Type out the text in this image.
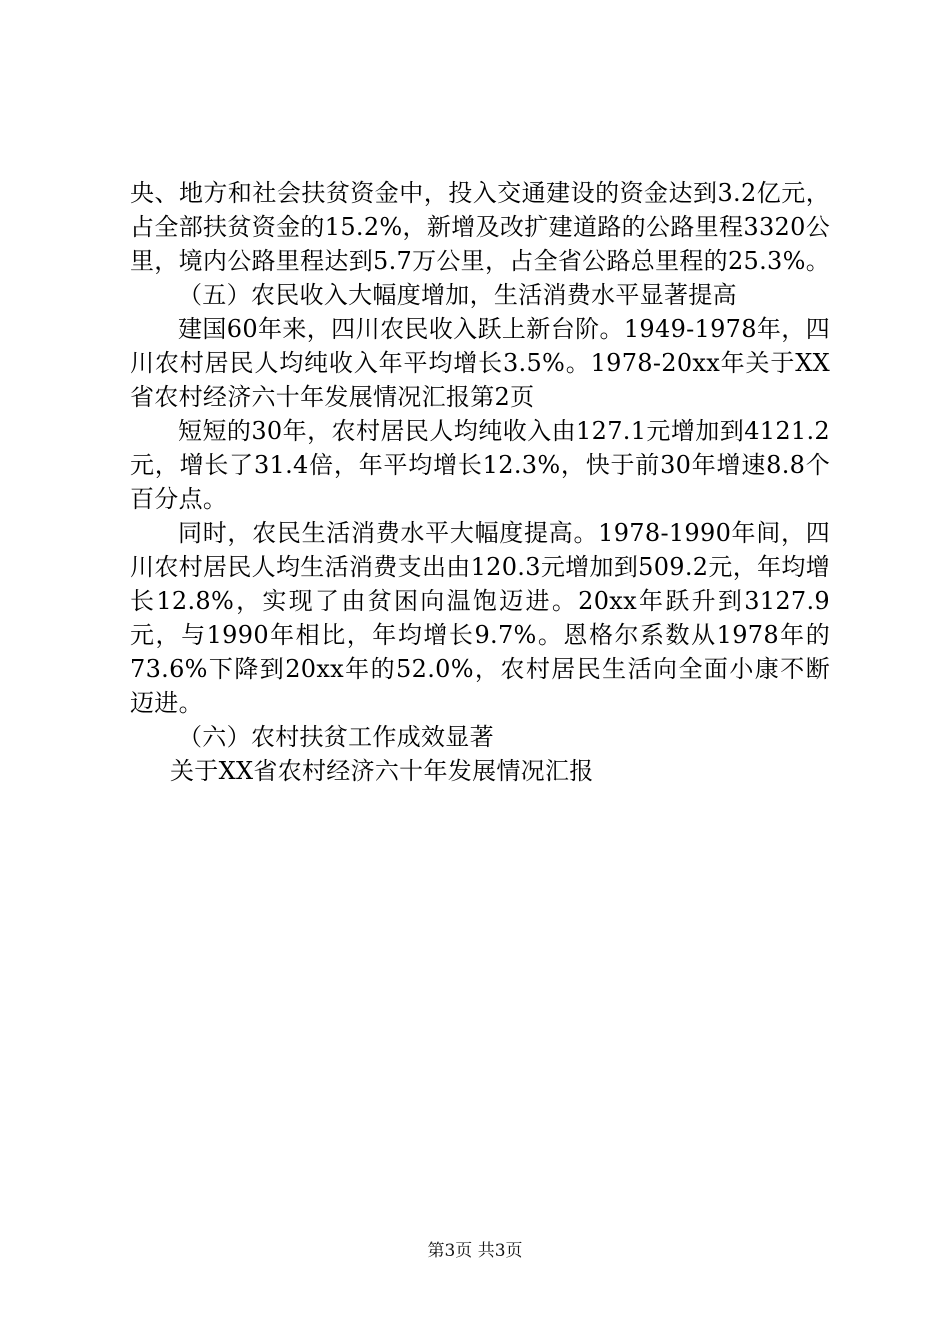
央、地方和社会扶贫资金中，投入交通建设的资金达到3.2亿元，占全部扶贫资金的15.2%，新增及改扩建道路的公路里程3320公里，境内公路里程达到5.7万公里，占全省公路总里程的25.3%。

（五）农民收入大幅度增加，生活消费水平显著提高

建国60年来，四川农民收入跃上新台阶。1949-1978年，四川农村居民人均纯收入年平均增长3.5%。1978-20xx年关于XX省农村经济六十年发展情况汇报第2页

短短的30年，农村居民人均纯收入由127.1元增加到4121.2元，增长了31.4倍，年平均增长12.3%，快于前30年增速8.8个百分点。

同时，农民生活消费水平大幅度提高。1978-1990年间，四川农村居民人均生活消费支出由120.3元增加到509.2元，年均增长12.8%，实现了由贫困向温饱迈进。20xx年跃升到3127.9元，与1990年相比，年均增长9.7%。恩格尔系数从1978年的73.6%下降到20xx年的52.0%，农村居民生活向全面小康不断迈进。

（六）农村扶贫工作成效显著

关于XX省农村经济六十年发展情况汇报

第3页 共3页
